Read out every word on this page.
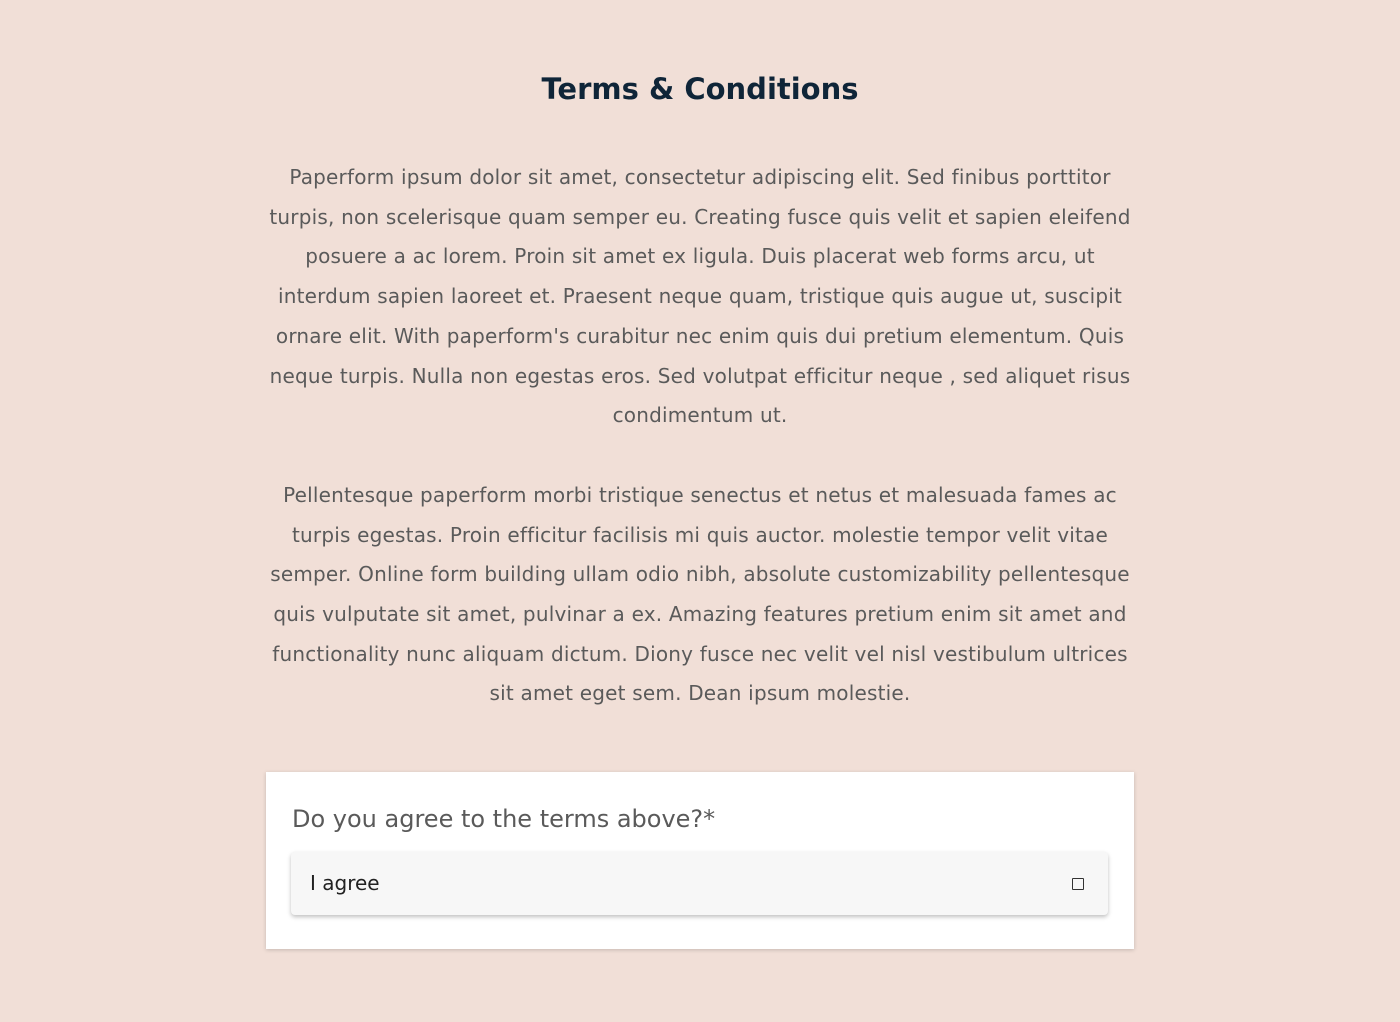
Terms & Conditions

Paperform ipsum dolor sit amet, consectetur adipiscing elit. Sed finibus porttitor turpis, non scelerisque quam semper eu. Creating fusce quis velit et sapien eleifend posuere a ac lorem. Proin sit amet ex ligula. Duis placerat web forms arcu, ut interdum sapien laoreet et. Praesent neque quam, tristique quis augue ut, suscipit ornare elit. With paperform's curabitur nec enim quis dui pretium elementum. Quis neque turpis. Nulla non egestas eros. Sed volutpat efficitur neque , sed aliquet risus condimentum ut.

Pellentesque paperform morbi tristique senectus et netus et malesuada fames ac turpis egestas. Proin efficitur facilisis mi quis auctor. molestie tempor velit vitae semper. Online form building ullam odio nibh, absolute customizability pellentesque quis vulputate sit amet, pulvinar a ex. Amazing features pretium enim sit amet and functionality nunc aliquam dictum. Diony fusce nec velit vel nisl vestibulum ultrices sit amet eget sem. Dean ipsum molestie.

Do you agree to the terms above?*
I agree
